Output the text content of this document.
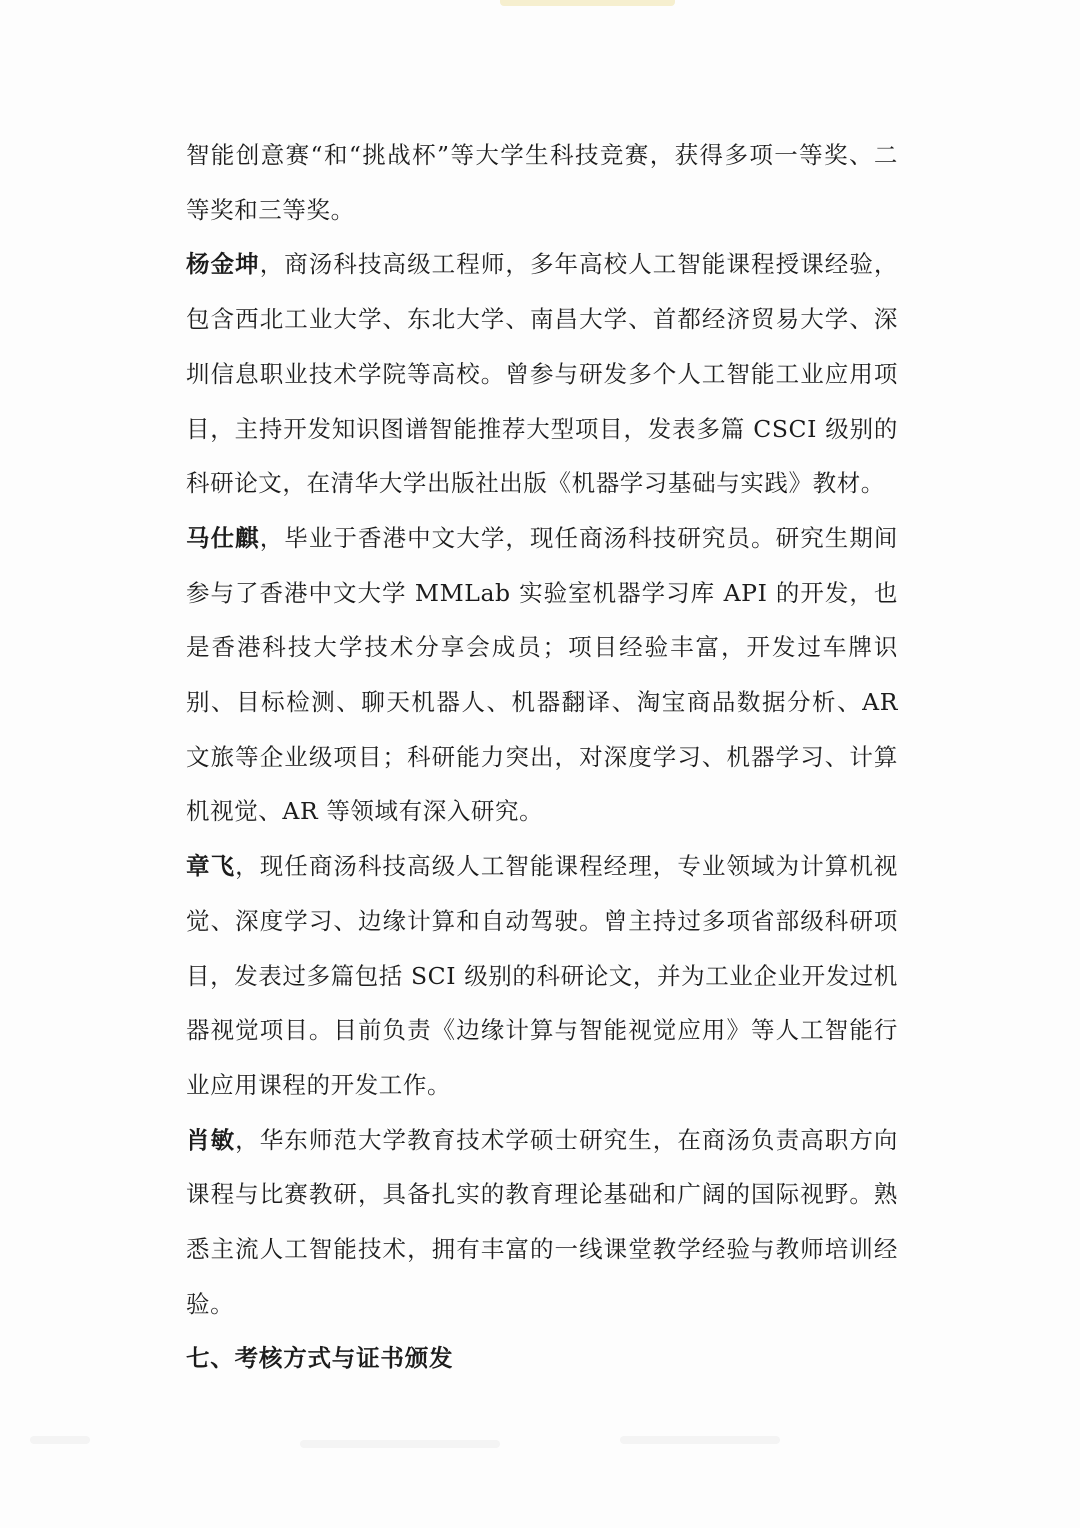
智能创意赛“和“挑战杯”等大学生科技竞赛，获得多项一等奖、二等奖和三等奖。

杨金坤，商汤科技高级工程师，多年高校人工智能课程授课经验，包含西北工业大学、东北大学、南昌大学、首都经济贸易大学、深圳信息职业技术学院等高校。曾参与研发多个人工智能工业应用项目，主持开发知识图谱智能推荐大型项目，发表多篇 CSCI 级别的科研论文，在清华大学出版社出版《机器学习基础与实践》教材。

马仕麒，毕业于香港中文大学，现任商汤科技研究员。研究生期间参与了香港中文大学 MMLab 实验室机器学习库 API 的开发，也是香港科技大学技术分享会成员；项目经验丰富，开发过车牌识别、目标检测、聊天机器人、机器翻译、淘宝商品数据分析、AR 文旅等企业级项目；科研能力突出，对深度学习、机器学习、计算机视觉、AR 等领域有深入研究。

章飞，现任商汤科技高级人工智能课程经理，专业领域为计算机视觉、深度学习、边缘计算和自动驾驶。曾主持过多项省部级科研项目，发表过多篇包括 SCI 级别的科研论文，并为工业企业开发过机器视觉项目。目前负责《边缘计算与智能视觉应用》等人工智能行业应用课程的开发工作。

肖敏，华东师范大学教育技术学硕士研究生，在商汤负责高职方向课程与比赛教研，具备扎实的教育理论基础和广阔的国际视野。熟悉主流人工智能技术，拥有丰富的一线课堂教学经验与教师培训经验。

七、考核方式与证书颁发
